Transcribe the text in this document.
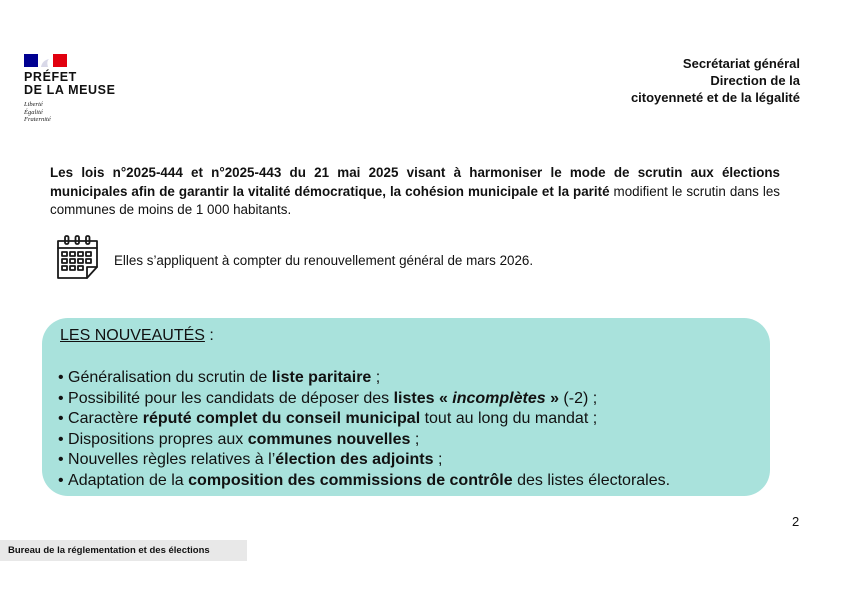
PRÉFET
DE LA MEUSE
Liberté
Égalité
Fraternité
Secrétariat général
Direction de la
citoyenneté et de la légalité

Les lois n°2025-444 et n°2025-443 du 21 mai 2025 visant à harmoniser le mode de scrutin aux élections municipales afin de garantir la vitalité démocratique, la cohésion municipale et la parité modifient le scrutin dans les communes de moins de 1 000 habitants.

Elles s’appliquent à compter du renouvellement général de mars 2026.
LES NOUVEAUTÉS :
• Généralisation du scrutin de liste paritaire ;
• Possibilité pour les candidats de déposer des listes « incomplètes » (-2) ;
• Caractère réputé complet du conseil municipal tout au long du mandat ;
• Dispositions propres aux communes nouvelles ;
• Nouvelles règles relatives à l’élection des adjoints ;
• Adaptation de la composition des commissions de contrôle des listes électorales.
2
Bureau de la réglementation et des élections
